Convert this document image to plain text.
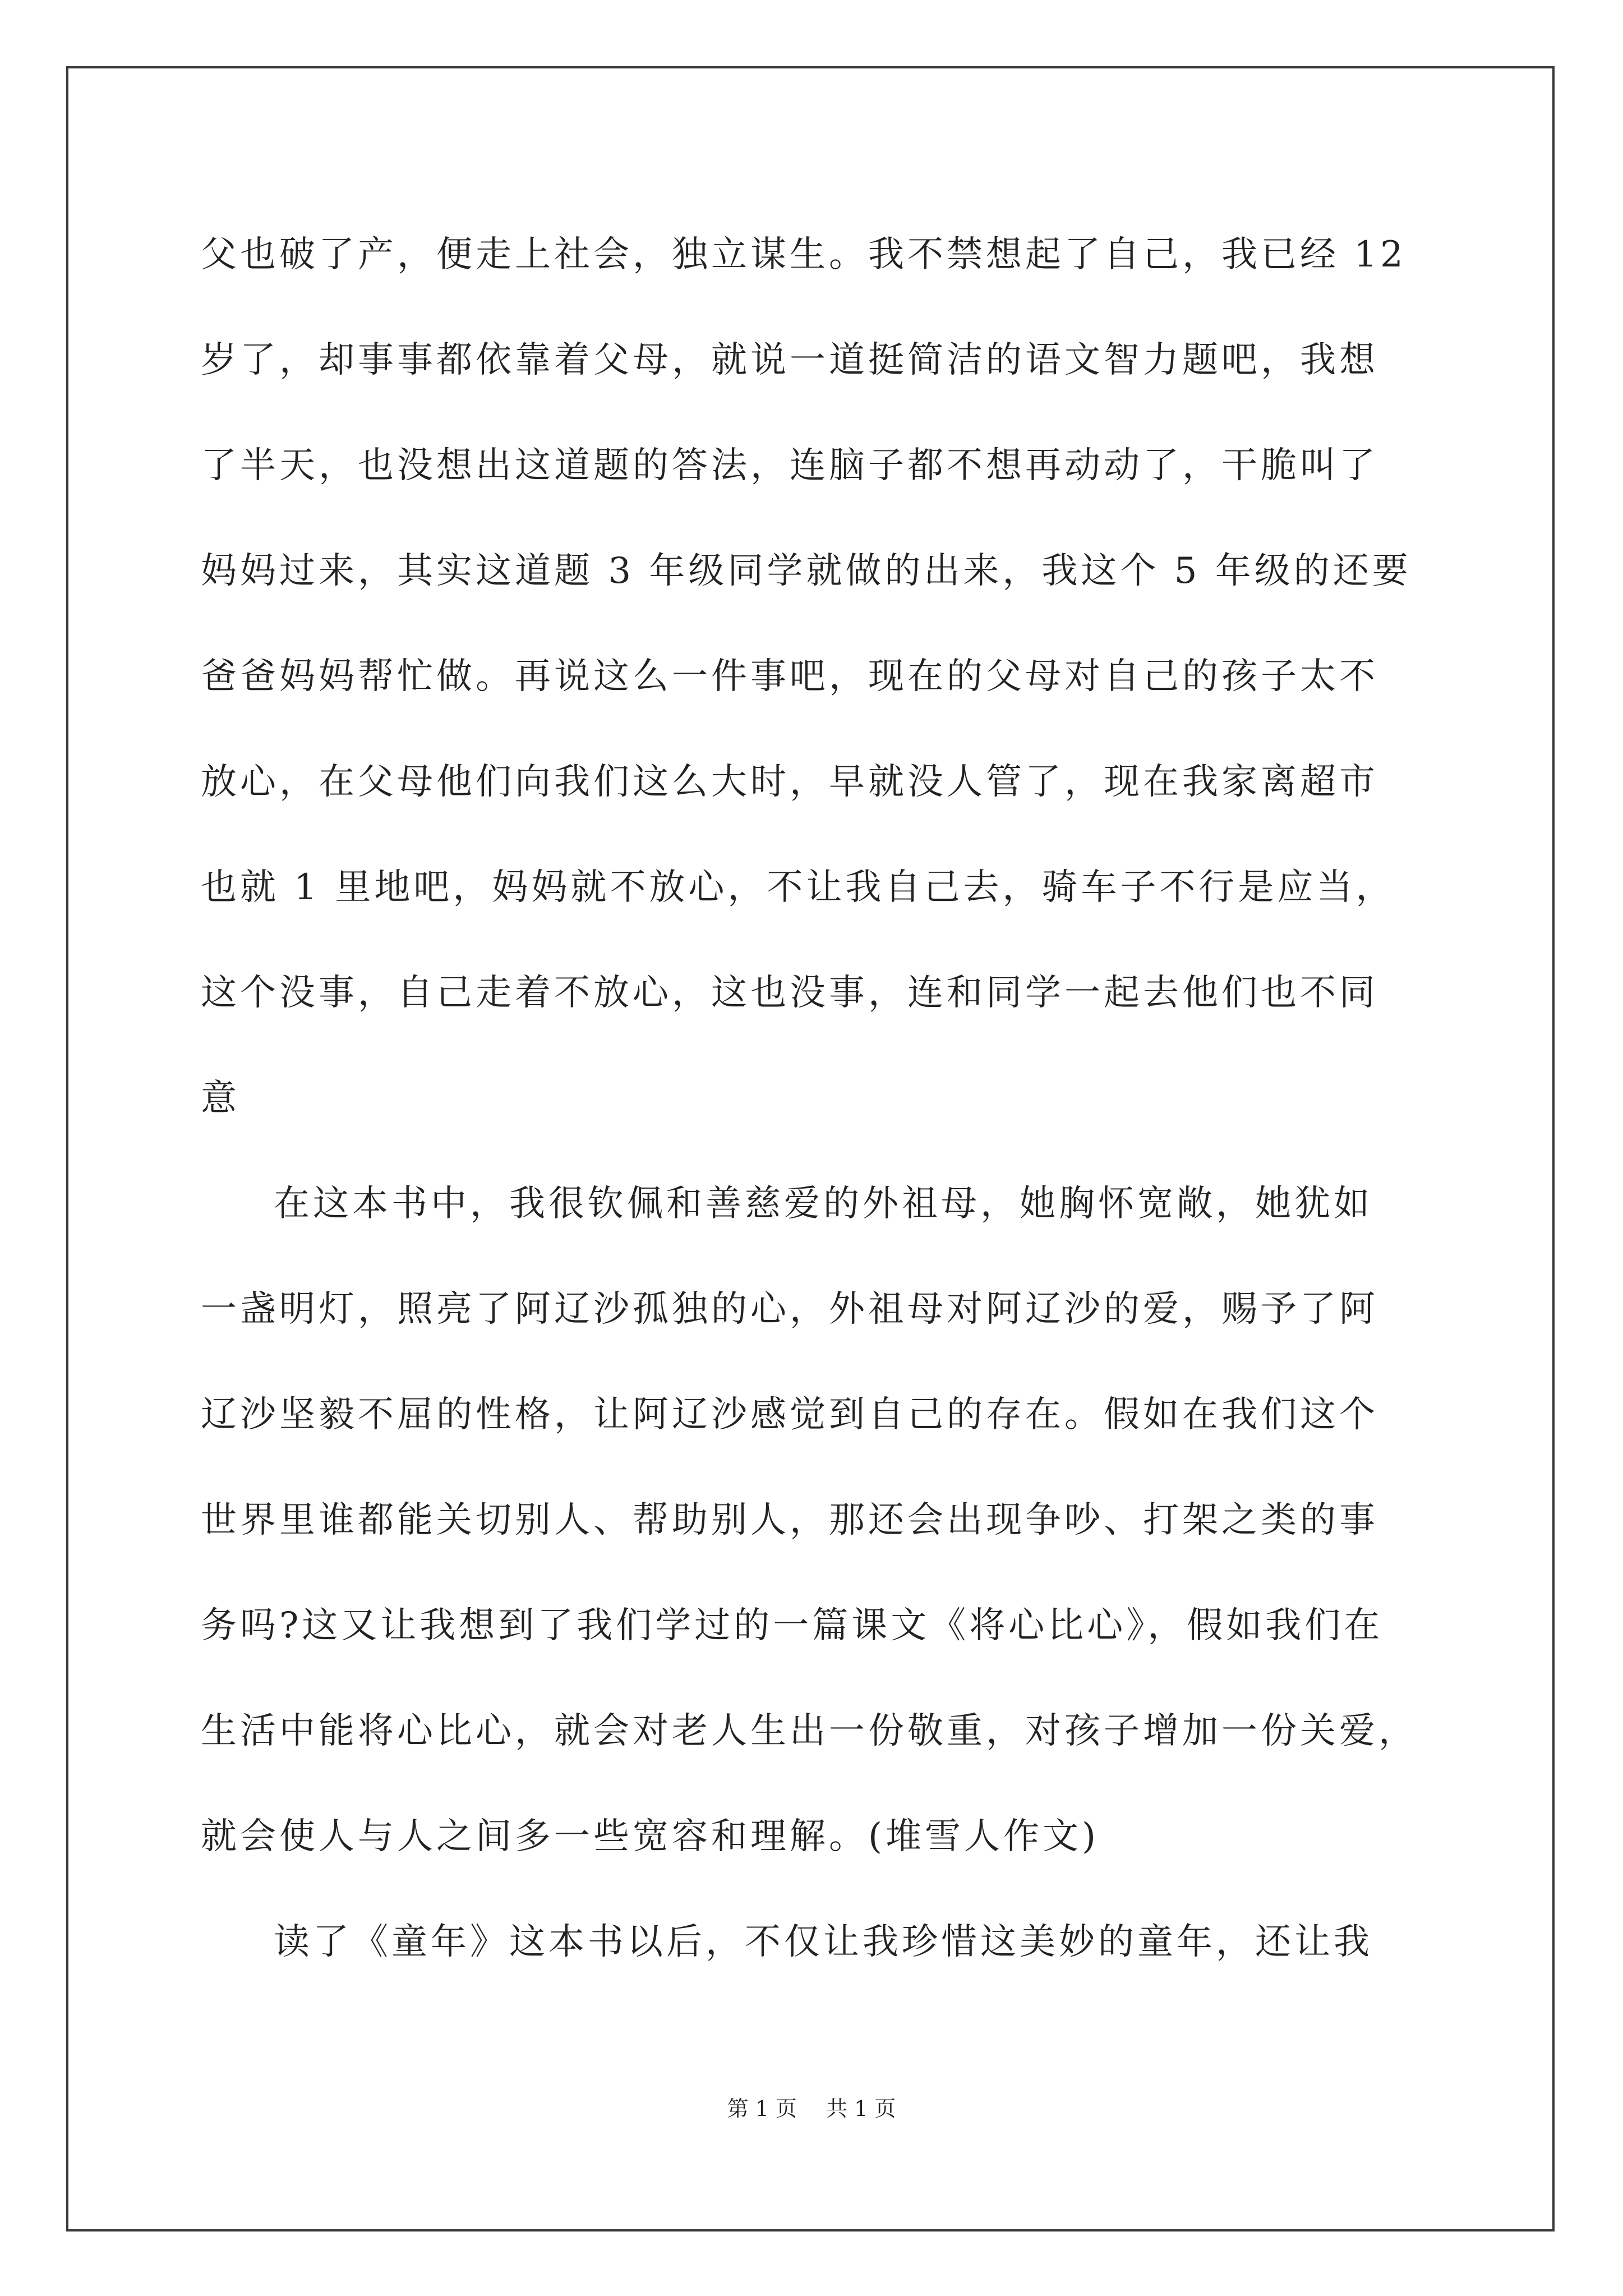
父也破了产，便走上社会，独立谋生。我不禁想起了自己，我已经 12
岁了，却事事都依靠着父母，就说一道挺简洁的语文智力题吧，我想
了半天，也没想出这道题的答法，连脑子都不想再动动了，干脆叫了
妈妈过来，其实这道题 3 年级同学就做的出来，我这个 5 年级的还要
爸爸妈妈帮忙做。再说这么一件事吧，现在的父母对自己的孩子太不
放心，在父母他们向我们这么大时，早就没人管了，现在我家离超市
也就 1 里地吧，妈妈就不放心，不让我自己去，骑车子不行是应当，
这个没事，自己走着不放心，这也没事，连和同学一起去他们也不同
意
在这本书中，我很钦佩和善慈爱的外祖母，她胸怀宽敞，她犹如
一盏明灯，照亮了阿辽沙孤独的心，外祖母对阿辽沙的爱，赐予了阿
辽沙坚毅不屈的性格，让阿辽沙感觉到自己的存在。假如在我们这个
世界里谁都能关切别人、帮助别人，那还会出现争吵、打架之类的事
务吗?这又让我想到了我们学过的一篇课文《将心比心》，假如我们在
生活中能将心比心，就会对老人生出一份敬重，对孩子增加一份关爱，
就会使人与人之间多一些宽容和理解。(堆雪人作文)
读了《童年》这本书以后，不仅让我珍惜这美妙的童年，还让我
第 1 页 共 1 页
